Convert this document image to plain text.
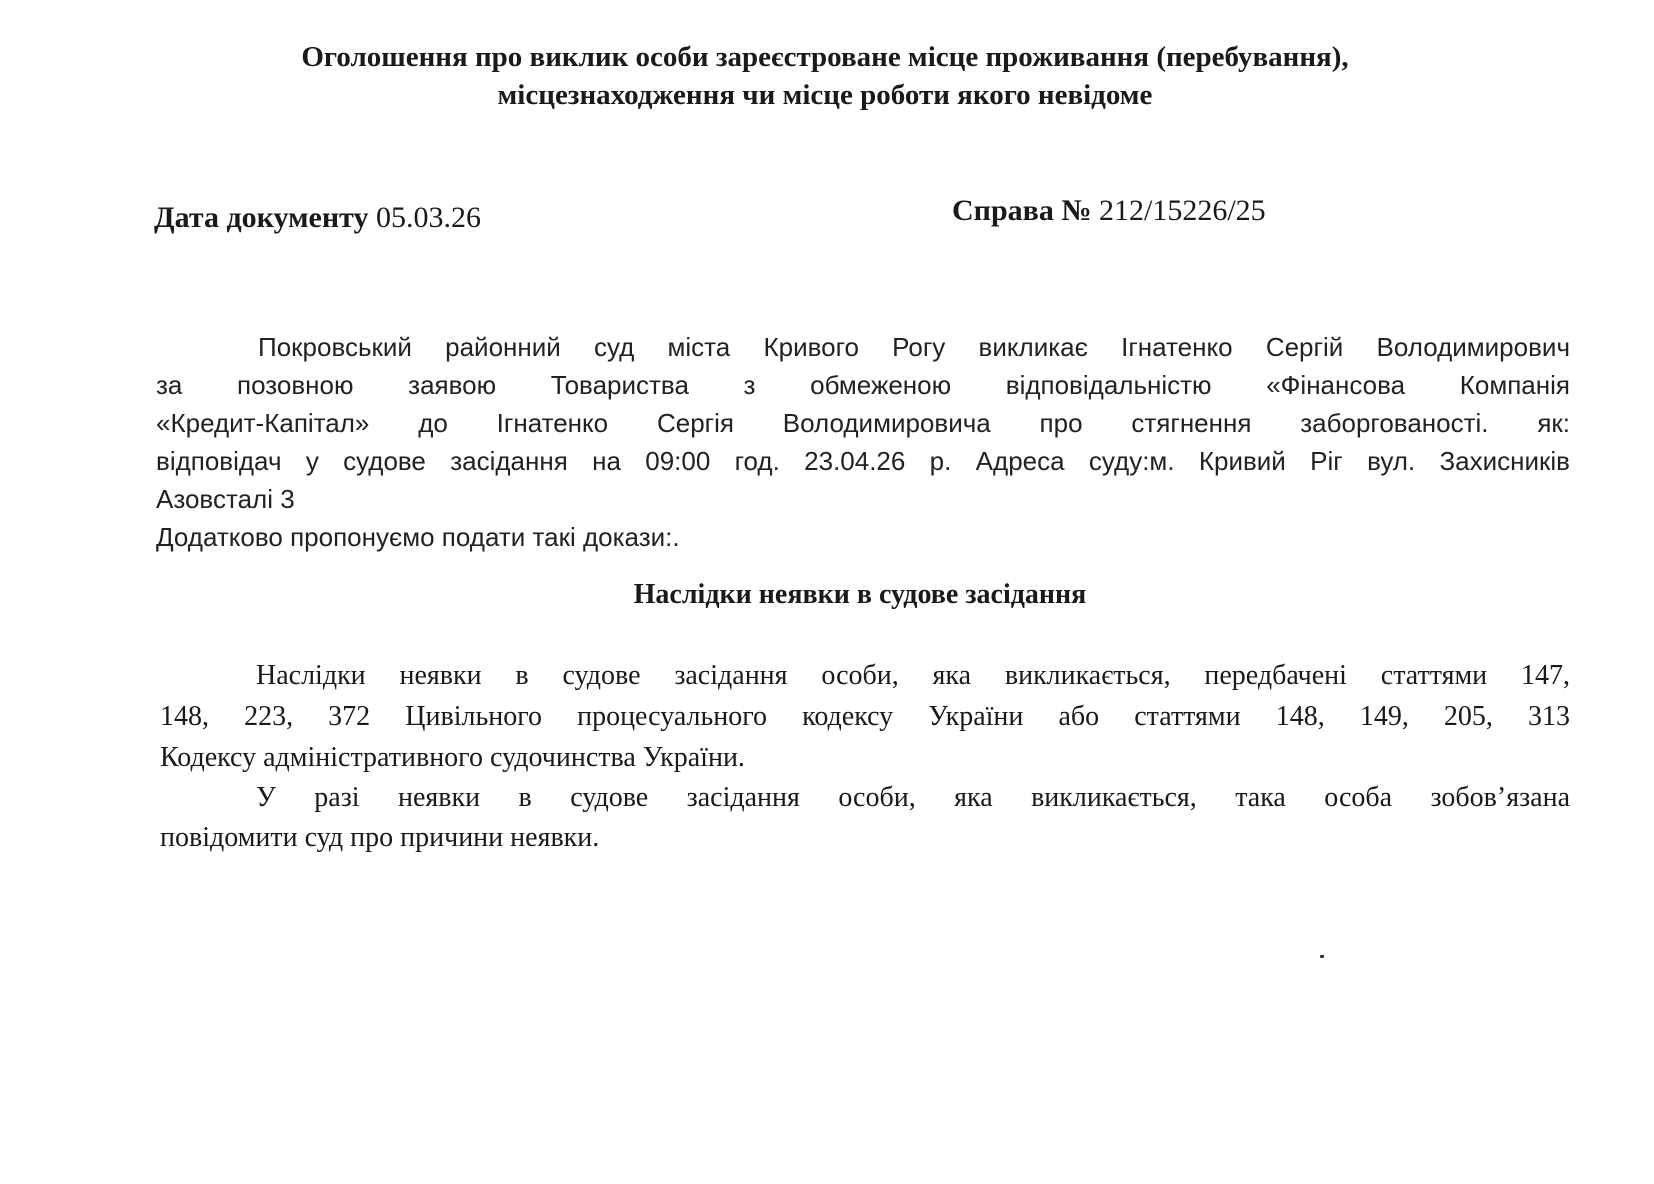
Оголошення про виклик особи зареєстроване місце проживання (перебування),
місцезнаходження чи місце роботи якого невідоме
Дата документу 05.03.26	Справа № 212/15226/25
Покровський районний суд міста Кривого Рогу викликає Ігнатенко Сергій Володимирович
за позовною заявою Товариства з обмеженою відповідальністю «Фінансова Компанія
«Кредит-Капітал» до Ігнатенко Сергія Володимировича про стягнення заборгованості. як:
відповідач у судове засідання на 09:00 год. 23.04.26 р. Адреса суду:м. Кривий Ріг вул. Захисників
Азовсталі 3
Додатково пропонуємо подати такі докази:.
Наслідки неявки в судове засідання
Наслідки неявки в судове засідання особи, яка викликається, передбачені статтями 147,
148, 223, 372 Цивільного процесуального кодексу України або статтями 148, 149, 205, 313
Кодексу адміністративного судочинства України.
У разі неявки в судове засідання особи, яка викликається, така особа зобов’язана
повідомити суд про причини неявки.
